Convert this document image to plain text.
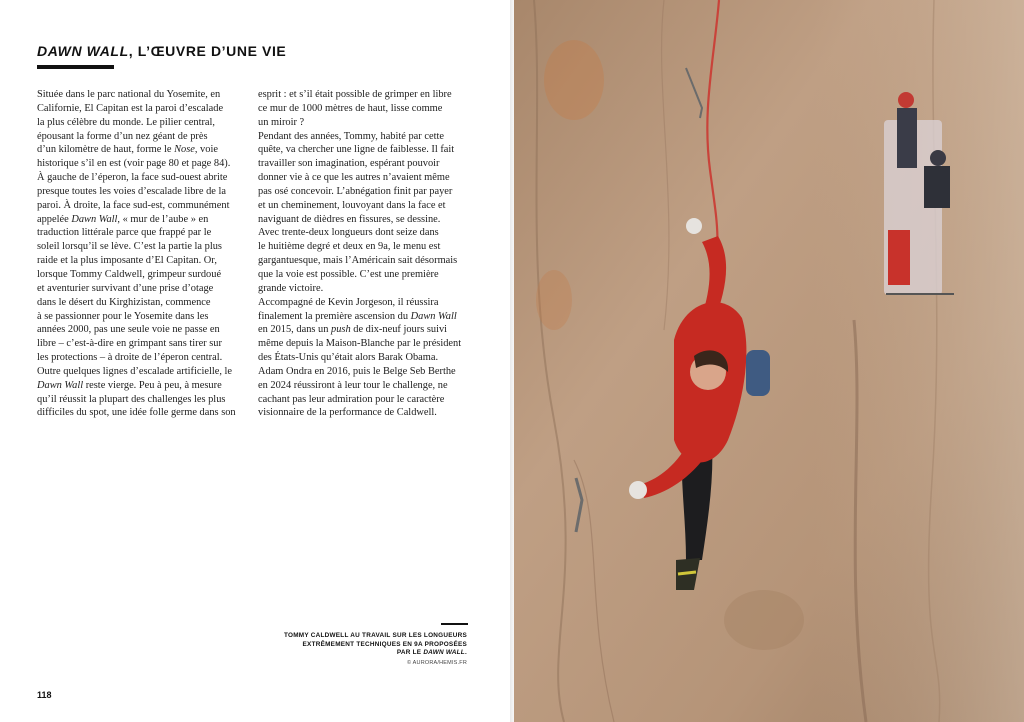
DAWN WALL, L’ŒUVRE D’UNE VIE

Située dans le parc national du Yosemite, en

Californie, El Capitan est la paroi d’escalade

la plus célèbre du monde. Le pilier central,

épousant la forme d’un nez géant de près

d’un kilomètre de haut, forme le Nose, voie

historique s’il en est (voir page 80 et page 84).

À gauche de l’éperon, la face sud-ouest abrite

presque toutes les voies d’escalade libre de la

paroi. À droite, la face sud-est, communément

appelée Dawn Wall, « mur de l’aube » en

traduction littérale parce que frappé par le

soleil lorsqu’il se lève. C’est la partie la plus

raide et la plus imposante d’El Capitan. Or,

lorsque Tommy Caldwell, grimpeur surdoué

et aventurier survivant d’une prise d’otage

dans le désert du Kirghizistan, commence

à se passionner pour le Yosemite dans les

années 2000, pas une seule voie ne passe en

libre – c’est-à-dire en grimpant sans tirer sur

les protections – à droite de l’éperon central.

Outre quelques lignes d’escalade artificielle, le

Dawn Wall reste vierge. Peu à peu, à mesure

qu’il réussit la plupart des challenges les plus

difficiles du spot, une idée folle germe dans son

esprit : et s’il était possible de grimper en libre

ce mur de 1000 mètres de haut, lisse comme

un miroir ?

Pendant des années, Tommy, habité par cette

quête, va chercher une ligne de faiblesse. Il fait

travailler son imagination, espérant pouvoir

donner vie à ce que les autres n’avaient même

pas osé concevoir. L’abnégation finit par payer

et un cheminement, louvoyant dans la face et

naviguant de dièdres en fissures, se dessine.

Avec trente-deux longueurs dont seize dans

le huitième degré et deux en 9a, le menu est

gargantuesque, mais l’Américain sait désormais

que la voie est possible. C’est une première

grande victoire.

Accompagné de Kevin Jorgeson, il réussira

finalement la première ascension du Dawn Wall

en 2015, dans un push de dix-neuf jours suivi

même depuis la Maison-Blanche par le président

des États-Unis qu’était alors Barak Obama.

Adam Ondra en 2016, puis le Belge Seb Berthe

en 2024 réussiront à leur tour le challenge, ne

cachant pas leur admiration pour le caractère

visionnaire de la performance de Caldwell.

TOMMY CALDWELL AU TRAVAIL SUR LES LONGUEURS

EXTRÊMEMENT TECHNIQUES EN 9A PROPOSÉES

PAR LE DAWN WALL.

© AURORA/HEMIS.FR
118
